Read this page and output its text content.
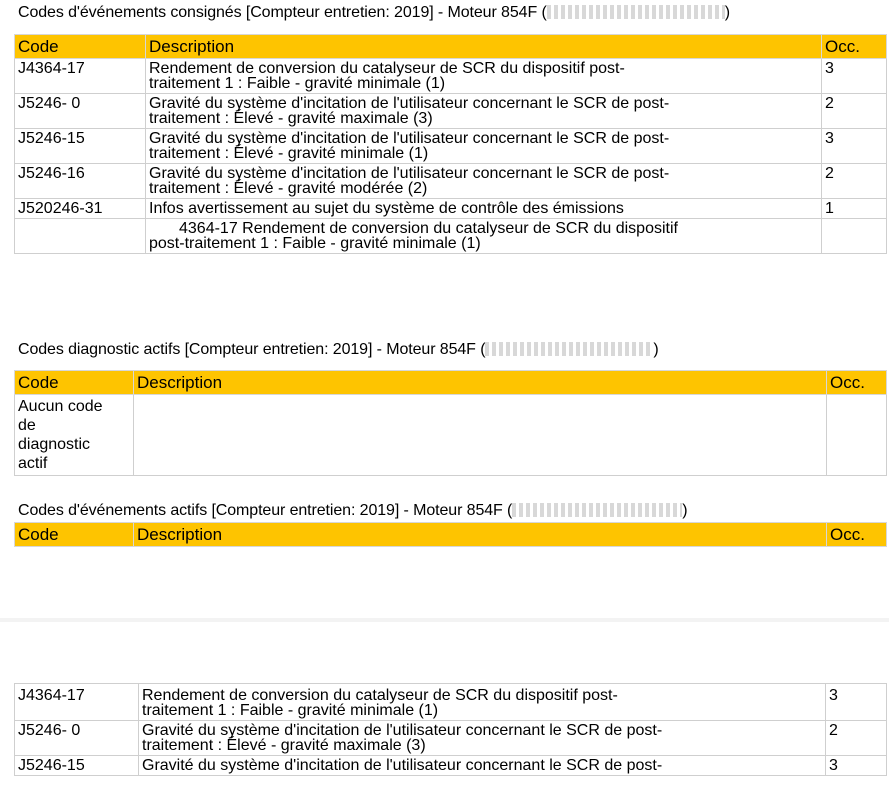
Codes d'événements consignés [Compteur entretien: 2019] - Moteur 854F (	)
Code	Description	Occ.
J4364-17	Rendement de conversion du catalyseur de SCR du dispositif post-
traitement 1 : Faible - gravité minimale (1)	3
J5246- 0	Gravité du système d'incitation de l'utilisateur concernant le SCR de post-
traitement : Élevé - gravité maximale (3)	2
J5246-15	Gravité du système d'incitation de l'utilisateur concernant le SCR de post-
traitement : Élevé - gravité minimale (1)	3
J5246-16	Gravité du système d'incitation de l'utilisateur concernant le SCR de post-
traitement : Élevé - gravité modérée (2)	2
J520246-31	Infos avertissement au sujet du système de contrôle des émissions	1

	4364-17 Rendement de conversion du catalyseur de SCR du dispositif
post-traitement 1 : Faible - gravité minimale (1)	

Codes diagnostic actifs [Compteur entretien: 2019] - Moteur 854F (	)
Code	Description	Occ.

Aucun code
de
diagnostic
actif		

Codes d'événements actifs [Compteur entretien: 2019] - Moteur 854F (	)
Code	Description	Occ.
J4364-17	Rendement de conversion du catalyseur de SCR du dispositif post-
traitement 1 : Faible - gravité minimale (1)	3
J5246- 0	Gravité du système d'incitation de l'utilisateur concernant le SCR de post-
traitement : Élevé - gravité maximale (3)	2
J5246-15	Gravité du système d'incitation de l'utilisateur concernant le SCR de post-	3
